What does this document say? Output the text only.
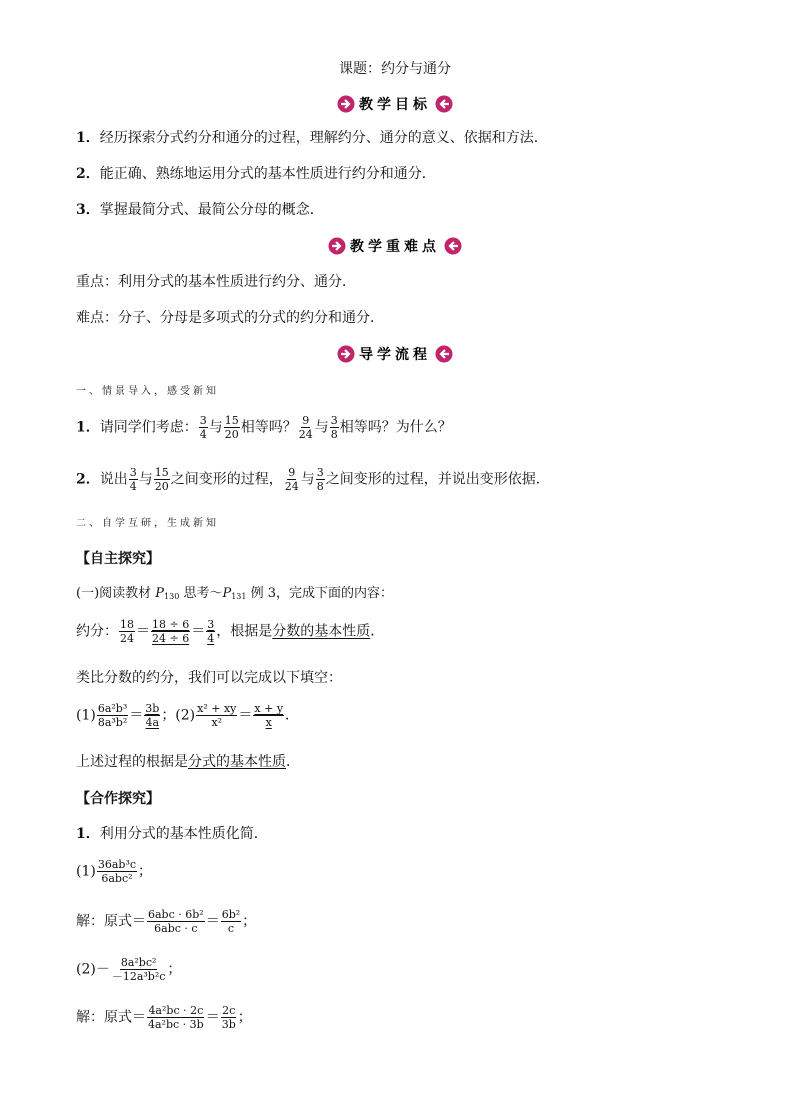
课题：约分与通分
教学目标
1．经历探索分式约分和通分的过程，理解约分、通分的意义、依据和方法．
2．能正确、熟练地运用分式的基本性质进行约分和通分．
3．掌握最简分式、最简公分母的概念．
教学重难点
重点：利用分式的基本性质进行约分、通分．
难点：分子、分母是多项式的分式的约分和通分．
导学流程
一、情景导入，感受新知
1．请同学们考虑： $\frac{3}{4}$ 与 $\frac{15}{20}$ 相等吗？ $\frac{9}{24}$ 与 $\frac{3}{8}$ 相等吗？为什么？
2．说出 $\frac{3}{4}$ 与 $\frac{15}{20}$ 之间变形的过程， $\frac{9}{24}$ 与 $\frac{3}{8}$ 之间变形的过程，并说出变形依据．
二、自学互研，生成新知
【自主探究】
(一)阅读教材 $P_{130}$ 思考$\sim P_{131}$ 例 3，完成下面的内容：
约分： $\frac{18}{24} = \frac{18 \div 6}{24 \div 6} = \frac{3}{4}$ ，根据是分数的基本性质．
类比分数的约分，我们可以完成以下填空：
$(1) \frac{\text{6a²b³}}{\text{8a³b²}} = \frac{3b}{4a}$ ；$(2) \frac{\text{x² + xy}}{\text{x²}} = \frac{x + y}{x}$ ．
上述过程的根据是分式的基本性质．
【合作探究】
1．利用分式的基本性质化简．
$(1) \frac{\text{36ab³c}}{\text{6abc²}}$ ；
解：原式＝ $\frac{\text{6abc · 6b²}}{\text{6abc · c}} = \frac{\text{6b²}}{c}$ ；
$(2)- \frac{\text{8a²bc²}}{\text{－12a³b²c}}$ ；
解：原式＝ $\frac{\text{4a²bc · 2c}}{\text{4a²bc · 3b}} = \frac{2c}{3b}$ ；
